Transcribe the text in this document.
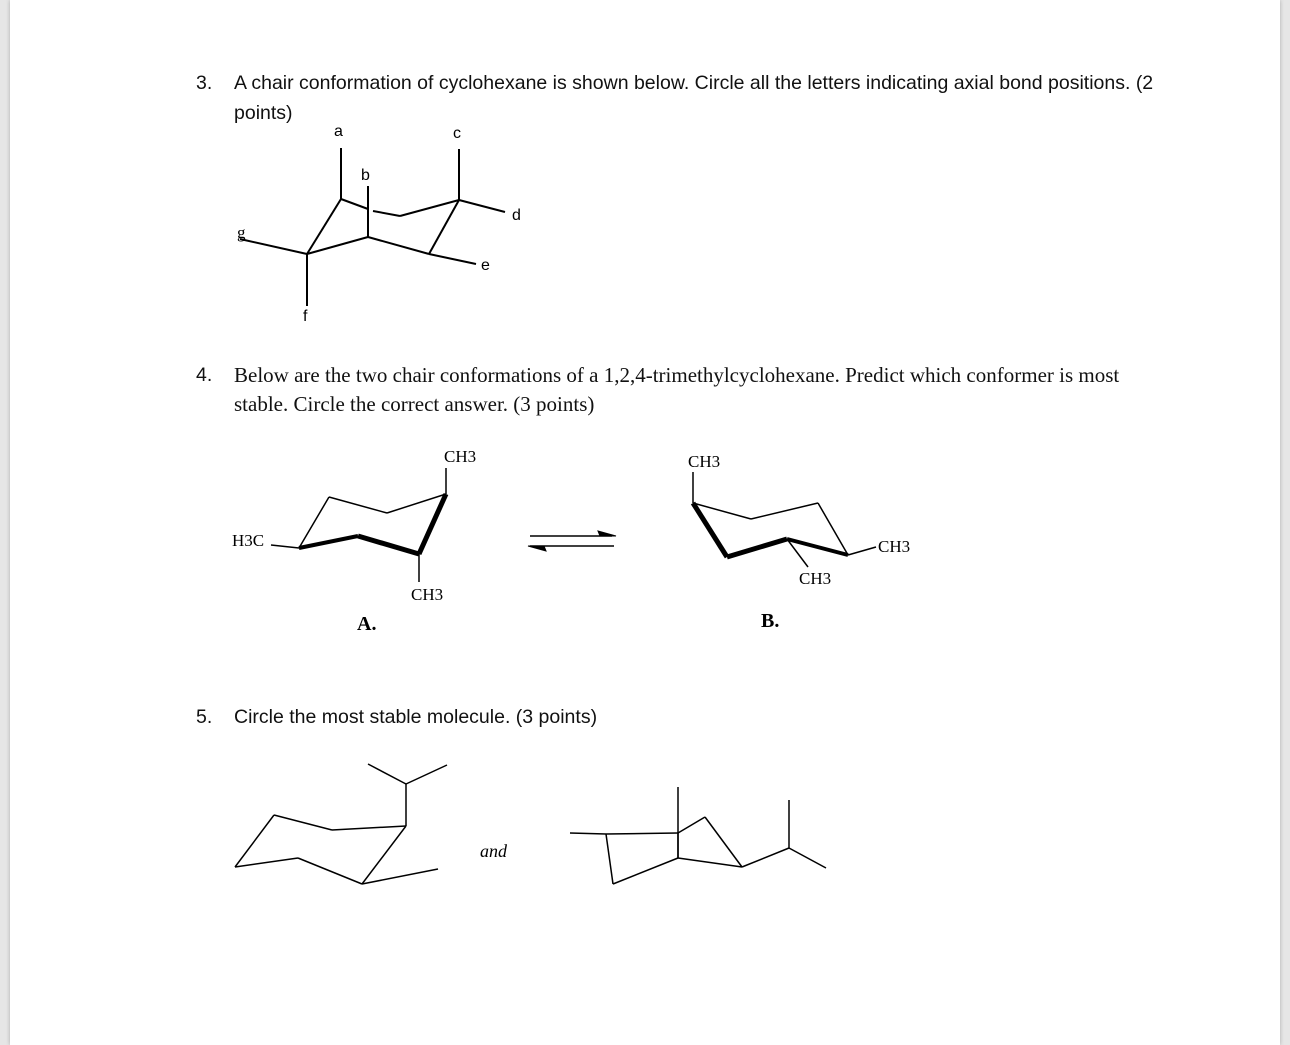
3. A chair conformation of cyclohexane is shown below. Circle all the letters indicating axial bond positions. (2 points)
4. Below are the two chair conformations of a 1,2,4-trimethylcyclohexane. Predict which conformer is most stable. Circle the correct answer. (3 points)
5. Circle the most stable molecule. (3 points)
a
b
c
d
e
f
g
CH3
H3C
CH3
A.
CH3
CH3
CH3
B.
and
